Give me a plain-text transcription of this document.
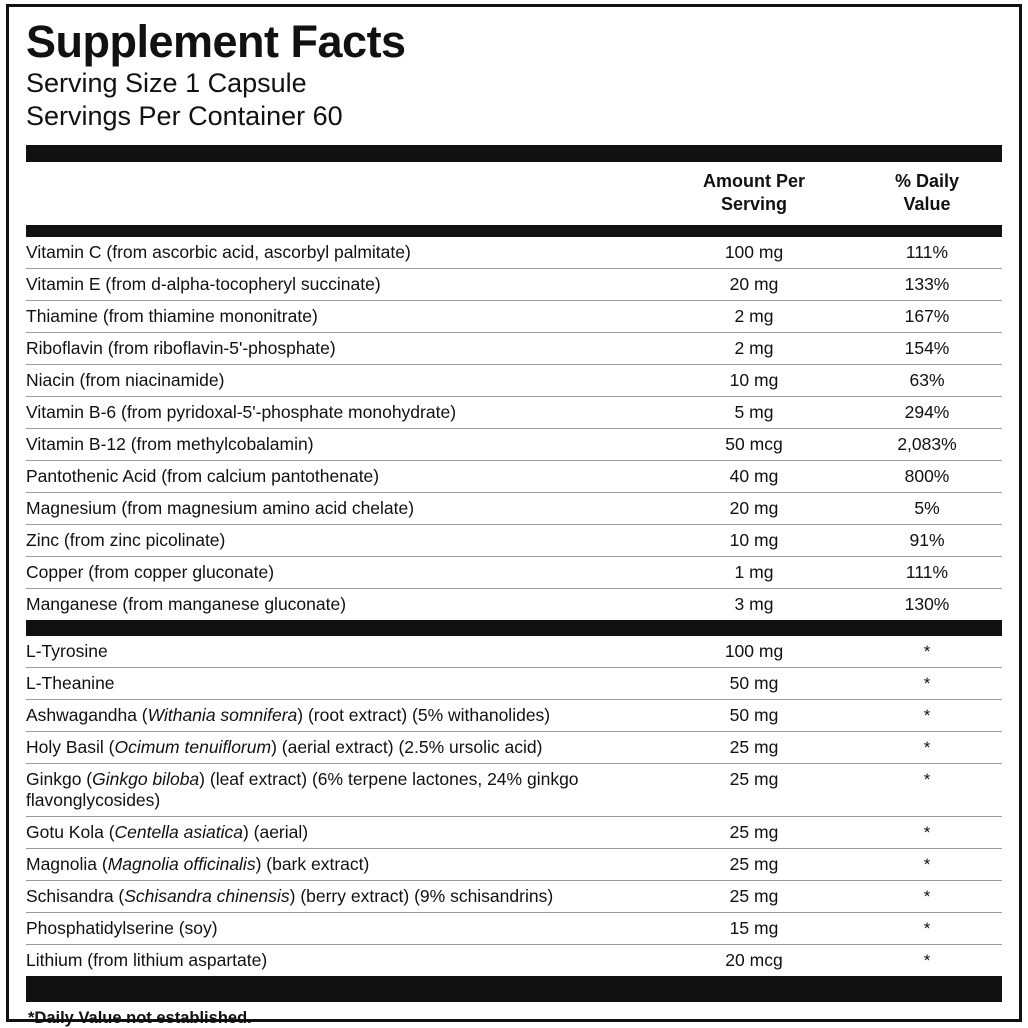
Supplement Facts
Serving Size 1 Capsule
Servings Per Container 60
Amount Per
Serving
% Daily
Value
Vitamin C (from ascorbic acid, ascorbyl palmitate)	100 mg	111%
Vitamin E (from d-alpha-tocopheryl succinate)	20 mg	133%
Thiamine (from thiamine mononitrate)	2 mg	167%
Riboflavin (from riboflavin-5'-phosphate)	2 mg	154%
Niacin (from niacinamide)	10 mg	63%
Vitamin B-6 (from pyridoxal-5'-phosphate monohydrate)	5 mg	294%
Vitamin B-12 (from methylcobalamin)	50 mcg	2,083%
Pantothenic Acid (from calcium pantothenate)	40 mg	800%
Magnesium (from magnesium amino acid chelate)	20 mg	5%
Zinc (from zinc picolinate)	10 mg	91%
Copper (from copper gluconate)	1 mg	111%
Manganese (from manganese gluconate)	3 mg	130%
L-Tyrosine	100 mg	*
L-Theanine	50 mg	*
Ashwagandha (Withania somnifera) (root extract) (5% withanolides)	50 mg	*
Holy Basil (Ocimum tenuiflorum) (aerial extract) (2.5% ursolic acid)	25 mg	*
Ginkgo (Ginkgo biloba) (leaf extract) (6% terpene lactones, 24% ginkgo flavonglycosides)	25 mg	*
Gotu Kola (Centella asiatica) (aerial)	25 mg	*
Magnolia (Magnolia officinalis) (bark extract)	25 mg	*
Schisandra (Schisandra chinensis) (berry extract) (9% schisandrins)	25 mg	*
Phosphatidylserine (soy)	15 mg	*
Lithium (from lithium aspartate)	20 mcg	*
*Daily Value not established.
